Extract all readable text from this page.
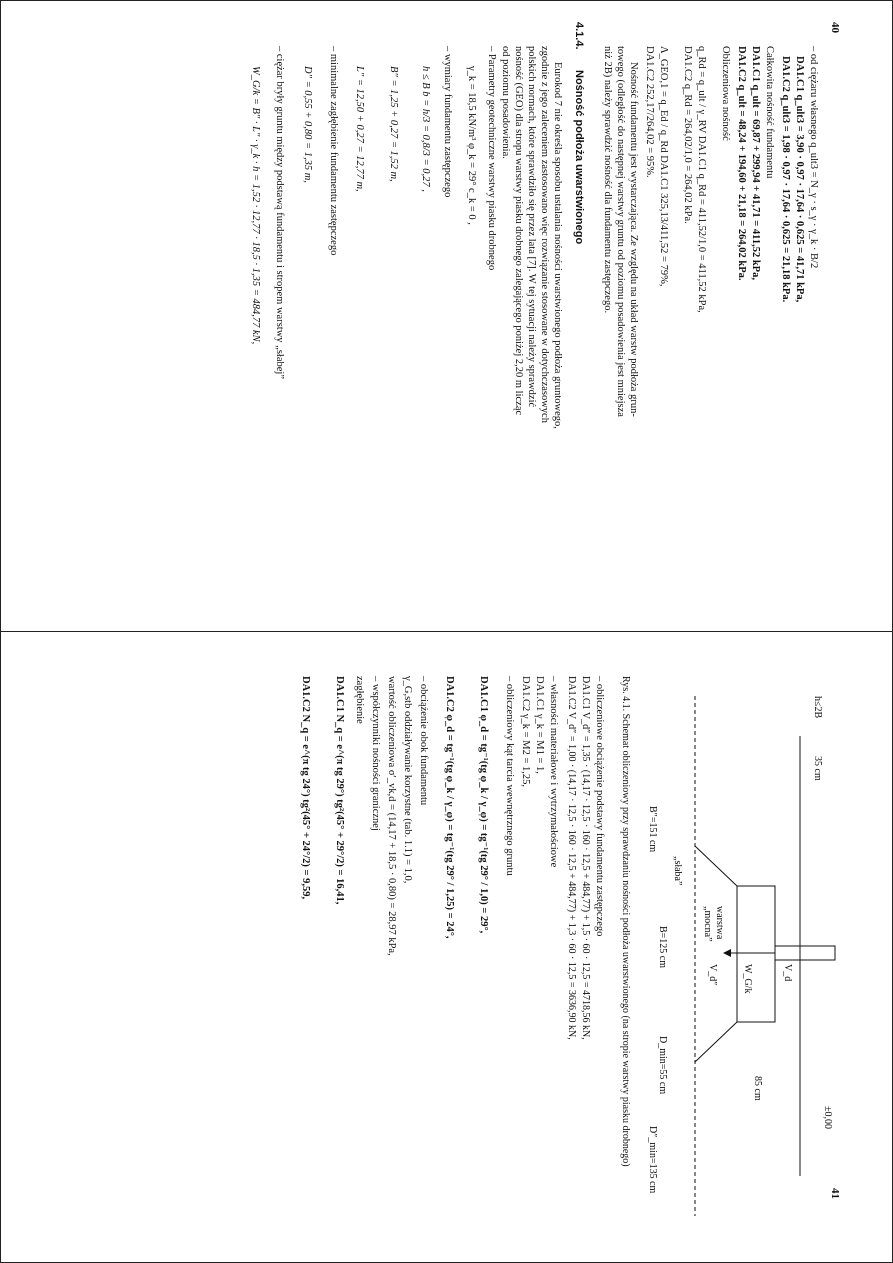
40
– od ciężaru własnego q_ult3 = N_γ · s_γ · γ_k · B/2
DA1.C1 q_ult3 = 3,90 · 0,97 · 17,64 · 0,625 = 41,71 kPa,
DA1.C2 q_ult3 = 1,98 · 0,97 · 17,64 · 0,625 = 21,18 kPa.
Całkowita nośność fundamentu
DA1.C1 q_ult = 69,87 + 299,94 + 41,71 = 411,52 kPa,
DA1.C2 q_ult = 48,24 + 194,60 + 21,18 = 264,02 kPa.
Obliczeniowa nośność
q_Rd = q_ult / γ_RV DA1.C1 q_Rd = 411,52/1,0 = 411,52 kPa,
DA1.C2 q_Rd = 264,02/1,0 = 264,02 kPa.
Λ_GEO,1 = q_Ed / q_Rd DA1.C1 325,13/411,52 = 79%,
DA1.C2 252,17/264,02 = 95%.
Nośność fundamentu jest wystarczająca. Ze względu na układ warstw podłoża grun-
towego (odległość do następnej warstwy gruntu od poziomu posadowienia jest mniejsza
niż 2B) należy sprawdzić nośność dla fundamentu zastępczego.
4.1.4.
Nośność podłoża uwarstwionego
Eurokod 7 nie określa sposobu ustalania nośności uwarstwionego podłoża gruntowego,
zgodnie z jego zaleceniem zastosowano więc rozwiązanie stosowane w dotychczasowych
polskich normach, które sprawdziło się przez lata [7]. W tej sytuacji należy sprawdzić
nośność (GEO) dla stropu warstwy piasku drobnego zalegającego poniżej 2,20 m licząc
od poziomu posadowienia.
– Parametry geotechniczne warstwy piasku drobnego
γ_k = 18,5 kN/m³ φ_k = 29° c_k = 0 ,
– wymiary fundamentu zastępczego
h ≤ B b = h/3 = 0,8/3 = 0,27 ,
B″ = 1,25 + 0,27 = 1,52 m,
L″ = 12,50 + 0,27 = 12,77 m,
– minimalne zagłębienie fundamentu zastępczego
D″ = 0,55 + 0,80 = 1,35 m,
– ciężar bryły gruntu między podstawą fundamentu i stropem warstwy „słabej”
W_G/k = B″ · L″ · γ_k · h = 1,52 · 12,77 · 18,5 · 1,35 = 484,77 kN,
41
±0,00
85 cm
warstwa
„mocna”
„słaba”
W_G/k	V_d
V_d″
B=125 cm
B″=151 cm
h≤2B
35 cm
D_min=55 cm
D″_min=135 cm
Rys. 4.1. Schemat obliczeniowy przy sprawdzaniu nośności podłoża uwarstwionego (na stropie warstwy piasku drobnego)
– obliczeniowe obciążenie podstawy fundamentu zastępczego
DA1.C1 V_d″ = 1,35 · (14,17 · 12,5 · 160 · 12,5 + 484,77) + 1,5 · 60 · 12,5 = 4718,56 kN,
DA1.C2 V_d″ = 1,00 · (14,17 · 12,5 · 160 · 12,5 + 484,77) + 1,3 · 60 · 12,5 = 3636,90 kN,
– własności materiałowe i wytrzymałościowe
DA1.C1 γ_k = M1 = 1,
DA1.C2 γ_k = M2 = 1,25,
– obliczeniowy kąt tarcia wewnętrznego gruntu
DA1.C1 φ_d = tg⁻¹(tg φ_k / γ_φ) = tg⁻¹(tg 29° / 1,0) = 29°,
DA1.C2 φ_d = tg⁻¹(tg φ_k / γ_φ) = tg⁻¹(tg 29° / 1,25) = 24°,
– obciążenie obok fundamentu
γ_G,stb oddziaływanie korzystne (tab. 1.1) = 1,0,
wartość obliczeniowa σ′_vk,d = (14,17 + 18,5 · 0,80) = 28,97 kPa,
– współczynniki nośności granicznej
zagłębienie
DA1.C1 N_q = e^(π tg 29°) tg²(45° + 29°/2) = 16,41,
DA1.C2 N_q = e^(π tg 24°) tg²(45° + 24°/2) = 9,59,
